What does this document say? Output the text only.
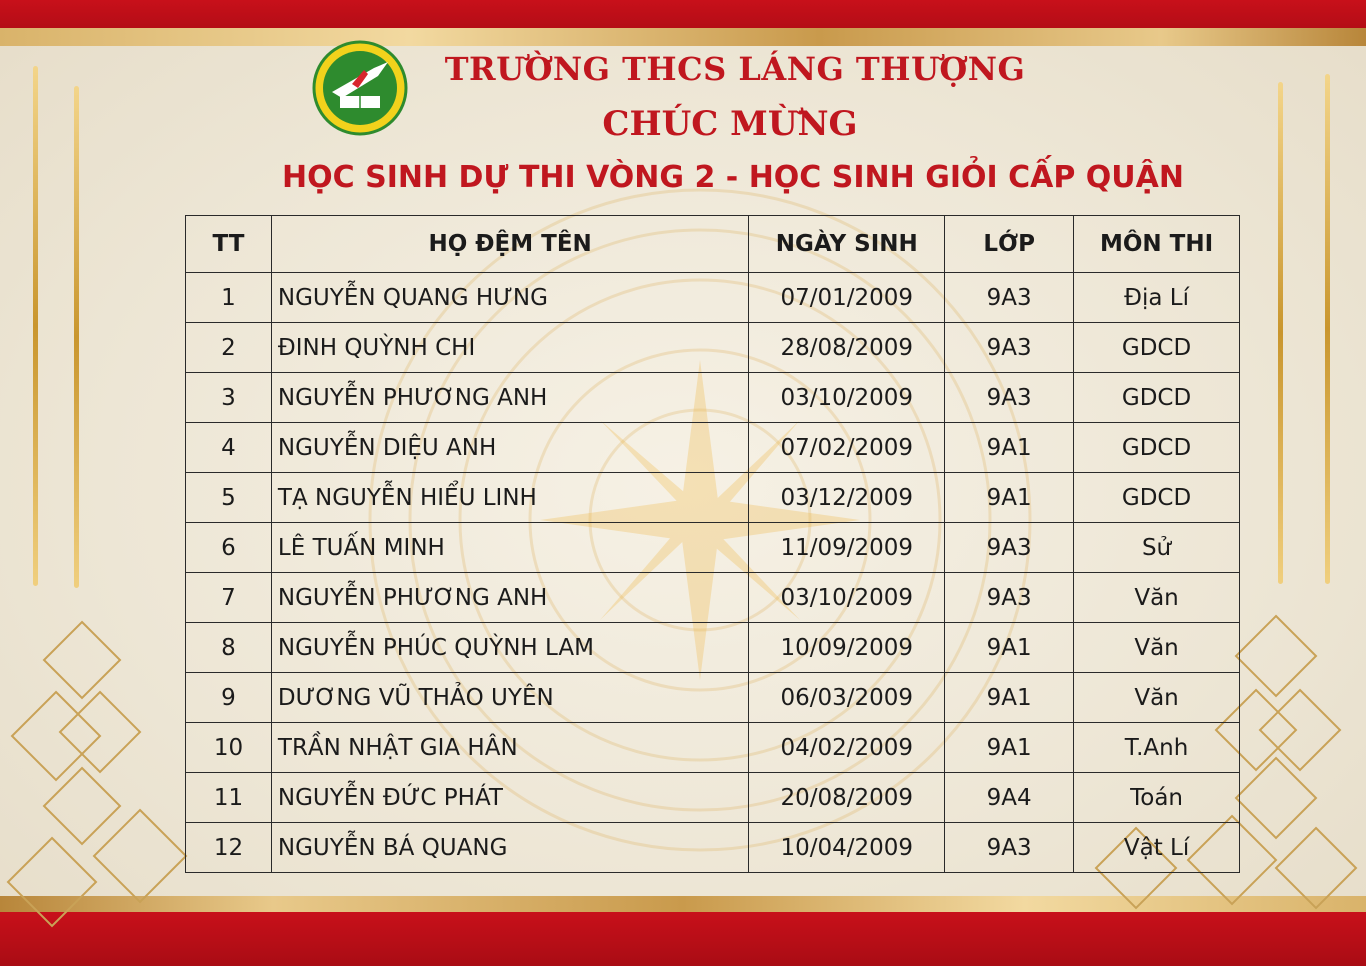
TRƯỜNG THCS LÁNG THƯỢNG
CHÚC MỪNG
HỌC SINH DỰ THI VÒNG 2 - HỌC SINH GIỎI CẤP QUẬN
TT	HỌ ĐỆM TÊN	NGÀY SINH	LỚP	MÔN THI
1	NGUYỄN QUANG HƯNG	07/01/2009	9A3	Địa Lí
2	ĐINH QUỲNH CHI	28/08/2009	9A3	GDCD
3	NGUYỄN PHƯƠNG ANH	03/10/2009	9A3	GDCD
4	NGUYỄN DIỆU ANH	07/02/2009	9A1	GDCD
5	TẠ NGUYỄN HIỂU LINH	03/12/2009	9A1	GDCD
6	LÊ TUẤN MINH	11/09/2009	9A3	Sử
7	NGUYỄN PHƯƠNG ANH	03/10/2009	9A3	Văn
8	NGUYỄN PHÚC QUỲNH LAM	10/09/2009	9A1	Văn
9	DƯƠNG VŨ THẢO UYÊN	06/03/2009	9A1	Văn
10	TRẦN NHẬT GIA HÂN	04/02/2009	9A1	T.Anh
11	NGUYỄN ĐỨC PHÁT	20/08/2009	9A4	Toán
12	NGUYỄN BÁ QUANG	10/04/2009	9A3	Vật Lí
